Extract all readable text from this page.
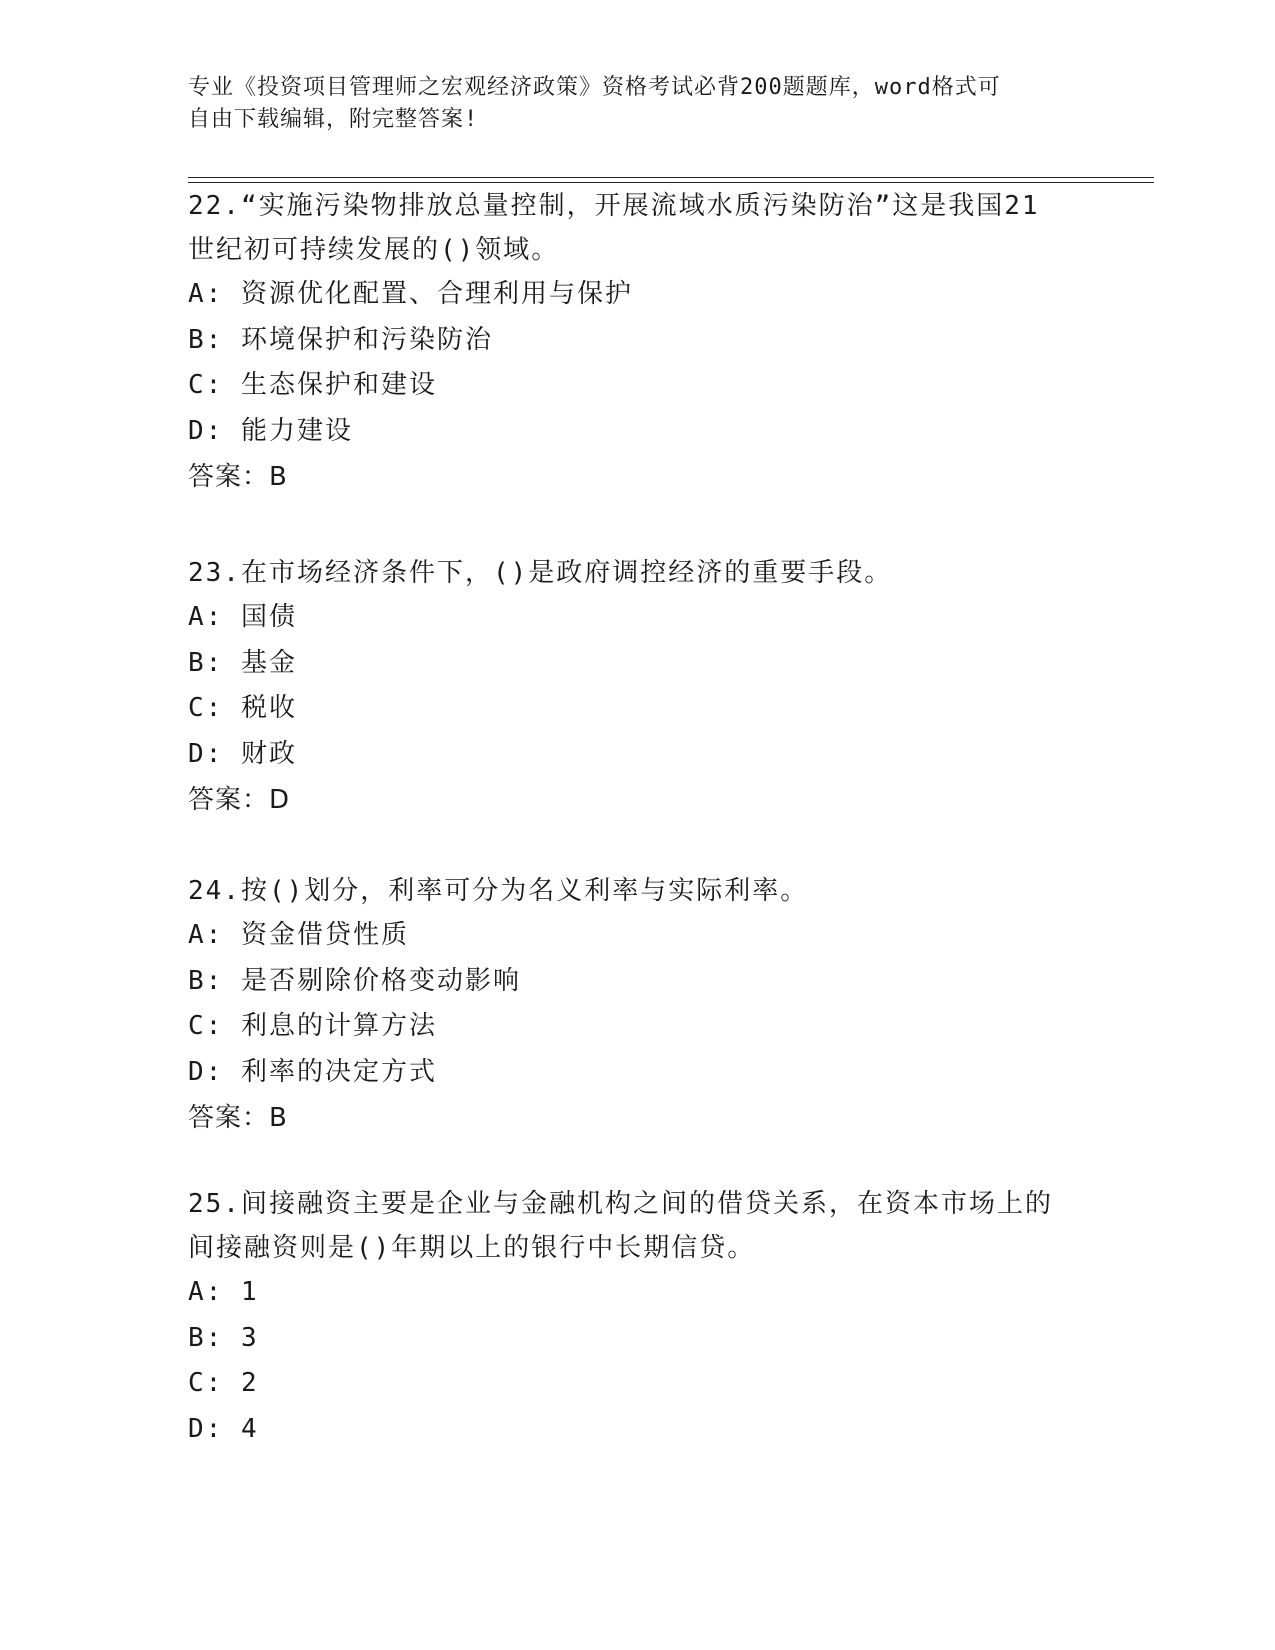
专业《投资项目管理师之宏观经济政策》资格考试必背200题题库，word格式可
自由下载编辑，附完整答案!
22.“实施污染物排放总量控制，开展流域水质污染防治”这是我国21
世纪初可持续发展的()领域。
A: 资源优化配置、合理利用与保护
B: 环境保护和污染防治
C: 生态保护和建设
D: 能力建设
答案：B
23.在市场经济条件下，()是政府调控经济的重要手段。
A: 国债
B: 基金
C: 税收
D: 财政
答案：D
24.按()划分，利率可分为名义利率与实际利率。
A: 资金借贷性质
B: 是否剔除价格变动影响
C: 利息的计算方法
D: 利率的决定方式
答案：B
25.间接融资主要是企业与金融机构之间的借贷关系，在资本市场上的
间接融资则是()年期以上的银行中长期信贷。
A: 1
B: 3
C: 2
D: 4
